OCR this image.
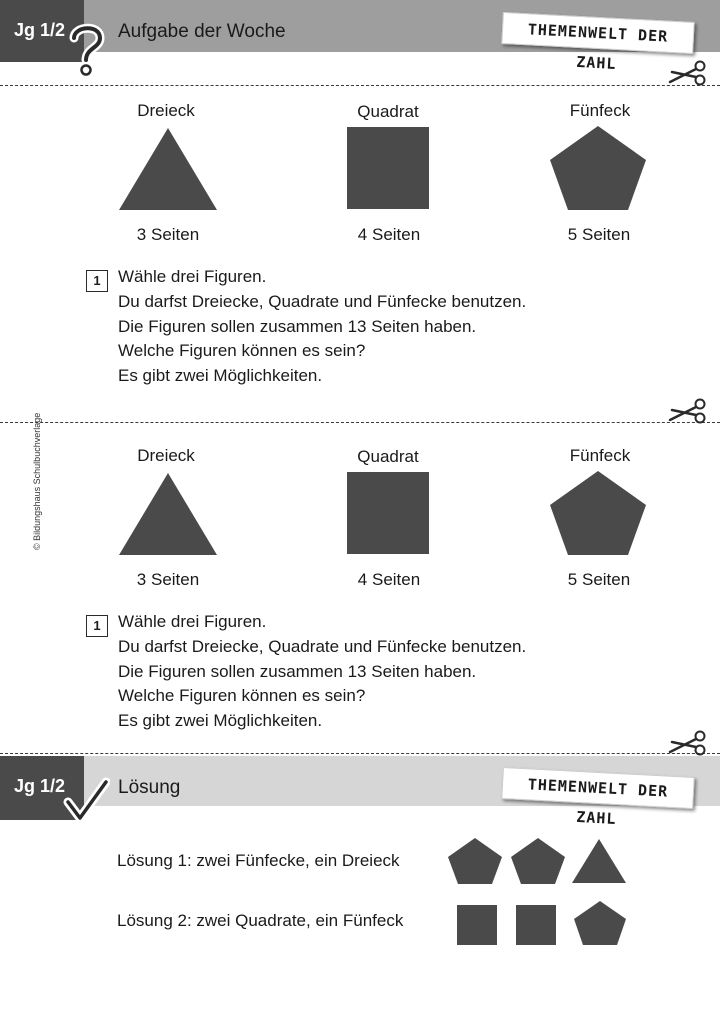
Jg 1/2	Aufgabe der Woche	THEMENWELT DER ZAHL
Dreieck	Quadrat	Fünfeck
3 Seiten	4 Seiten	5 Seiten
1	Wähle drei Figuren.
Du darfst Dreiecke, Quadrate und Fünfecke benutzen.
Die Figuren sollen zusammen 13 Seiten haben.
Welche Figuren können es sein?
Es gibt zwei Möglichkeiten.
© Bildungshaus Schulbuchverlage	Dreieck	Quadrat	Fünfeck
3 Seiten	4 Seiten	5 Seiten
1	Wähle drei Figuren.
Du darfst Dreiecke, Quadrate und Fünfecke benutzen.
Die Figuren sollen zusammen 13 Seiten haben.
Welche Figuren können es sein?
Es gibt zwei Möglichkeiten.
Jg 1/2	Lösung	THEMENWELT DER ZAHL
Lösung 1: zwei Fünfecke, ein Dreieck
Lösung 2: zwei Quadrate, ein Fünfeck
